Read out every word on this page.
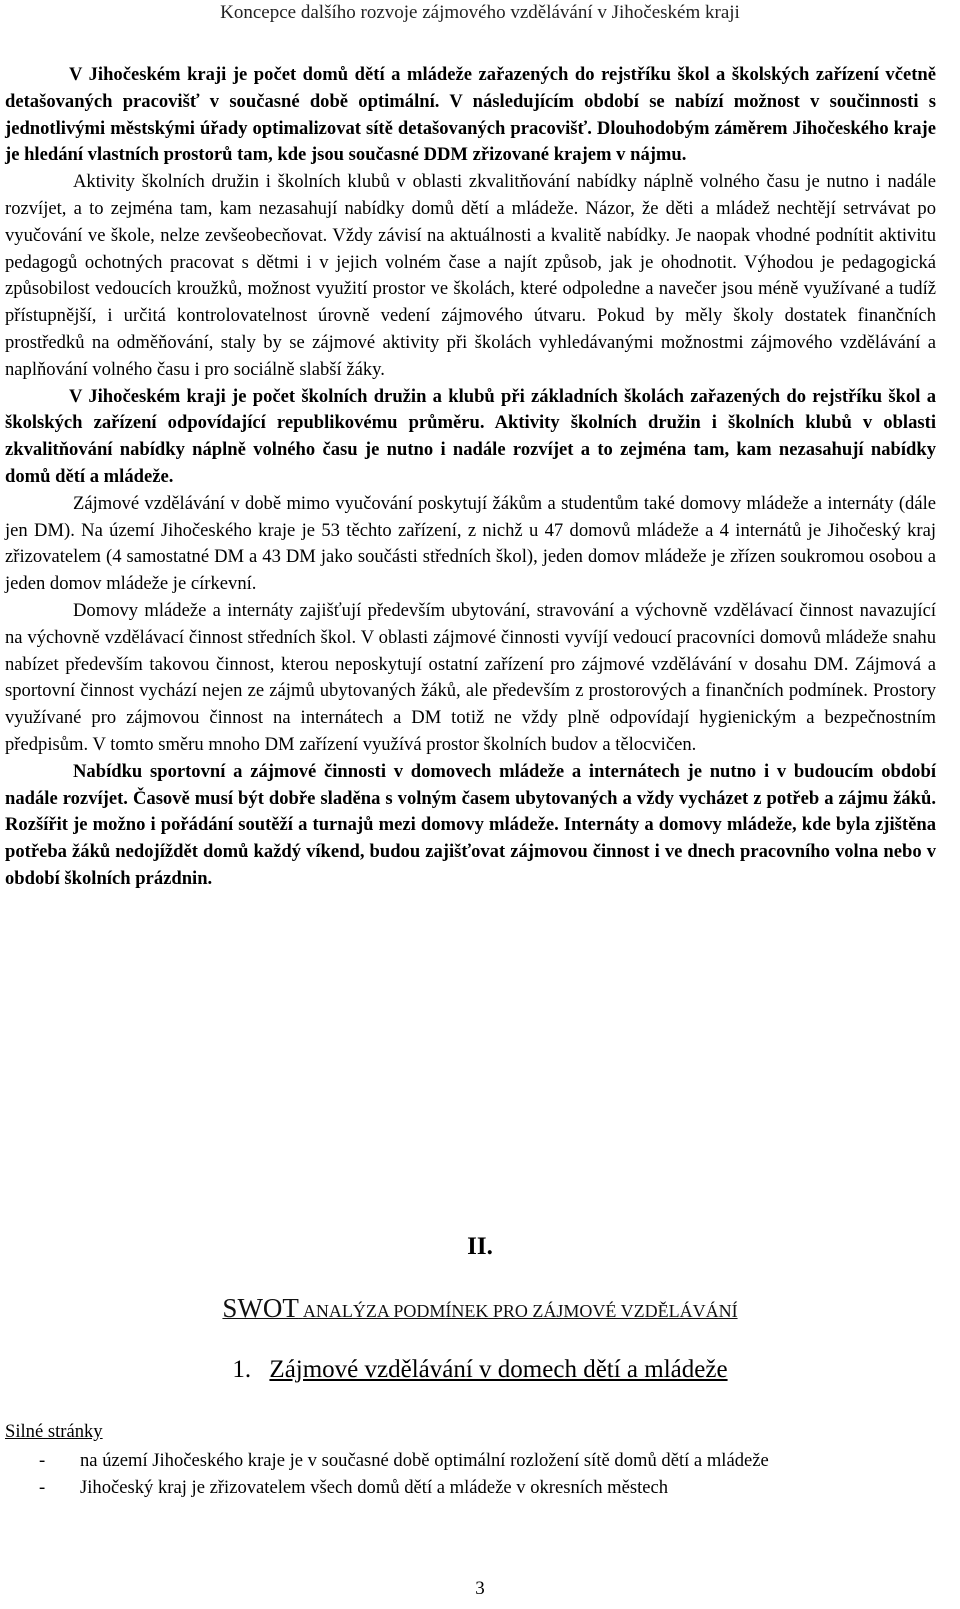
Koncepce dalšího rozvoje zájmového vzdělávání v Jihočeském kraji

V Jihočeském kraji je počet domů dětí a mládeže zařazených do rejstříku škol a školských zařízení včetně detašovaných pracovišť v současné době optimální. V následujícím období se nabízí možnost v součinnosti s jednotlivými městskými úřady optimalizovat sítě detašovaných pracovišť. Dlouhodobým záměrem Jihočeského kraje je hledání vlastních prostorů tam, kde jsou současné DDM zřizované krajem v nájmu.

Aktivity školních družin i školních klubů v oblasti zkvalitňování nabídky náplně volného času je nutno i nadále rozvíjet, a to zejména tam, kam nezasahují nabídky domů dětí a mládeže. Názor, že děti a mládež nechtějí setrvávat po vyučování ve škole, nelze zevšeobecňovat. Vždy závisí na aktuálnosti a kvalitě nabídky. Je naopak vhodné podnítit aktivitu pedagogů ochotných pracovat s dětmi i v jejich volném čase a najít způsob, jak je ohodnotit. Výhodou je pedagogická způsobilost vedoucích kroužků, možnost využití prostor ve školách, které odpoledne a navečer jsou méně využívané a tudíž přístupnější, i určitá kontrolovatelnost úrovně vedení zájmového útvaru. Pokud by měly školy dostatek finančních prostředků na odměňování, staly by se zájmové aktivity při školách vyhledávanými možnostmi zájmového vzdělávání a naplňování volného času i pro sociálně slabší žáky.

V Jihočeském kraji je počet školních družin a klubů při základních školách zařazených do rejstříku škol a školských zařízení odpovídající republikovému průměru. Aktivity školních družin i školních klubů v oblasti zkvalitňování nabídky náplně volného času je nutno i nadále rozvíjet a to zejména tam, kam nezasahují nabídky domů dětí a mládeže.

Zájmové vzdělávání v době mimo vyučování poskytují žákům a studentům také domovy mládeže a internáty (dále jen DM). Na území Jihočeského kraje je 53 těchto zařízení, z nichž u 47 domovů mládeže a 4 internátů je Jihočeský kraj zřizovatelem (4 samostatné DM a 43 DM jako součásti středních škol), jeden domov mládeže je zřízen soukromou osobou a jeden domov mládeže je církevní.

Domovy mládeže a internáty zajišťují především ubytování, stravování a výchovně vzdělávací činnost navazující na výchovně vzdělávací činnost středních škol. V oblasti zájmové činnosti vyvíjí vedoucí pracovníci domovů mládeže snahu nabízet především takovou činnost, kterou neposkytují ostatní zařízení pro zájmové vzdělávání v dosahu DM. Zájmová a sportovní činnost vychází nejen ze zájmů ubytovaných žáků, ale především z prostorových a finančních podmínek. Prostory využívané pro zájmovou činnost na internátech a DM totiž ne vždy plně odpovídají hygienickým a bezpečnostním předpisům. V tomto směru mnoho DM zařízení využívá prostor školních budov a tělocvičen.

Nabídku sportovní a zájmové činnosti v domovech mládeže a internátech je nutno i v budoucím období nadále rozvíjet. Časově musí být dobře sladěna s volným časem ubytovaných a vždy vycházet z potřeb a zájmu žáků. Rozšířit je možno i pořádání soutěží a turnajů mezi domovy mládeže. Internáty a domovy mládeže, kde byla zjištěna potřeba žáků nedojíždět domů každý víkend, budou zajišťovat zájmovou činnost i ve dnech pracovního volna nebo v období školních prázdnin.

II.
SWOT ANALÝZA PODMÍNEK PRO ZÁJMOVÉ VZDĚLÁVÁNÍ
1. Zájmové vzdělávání v domech dětí a mládeže
Silné stránky
- na území Jihočeského kraje je v současné době optimální rozložení sítě domů dětí a mládeže
- Jihočeský kraj je zřizovatelem všech domů dětí a mládeže v okresních městech
3
